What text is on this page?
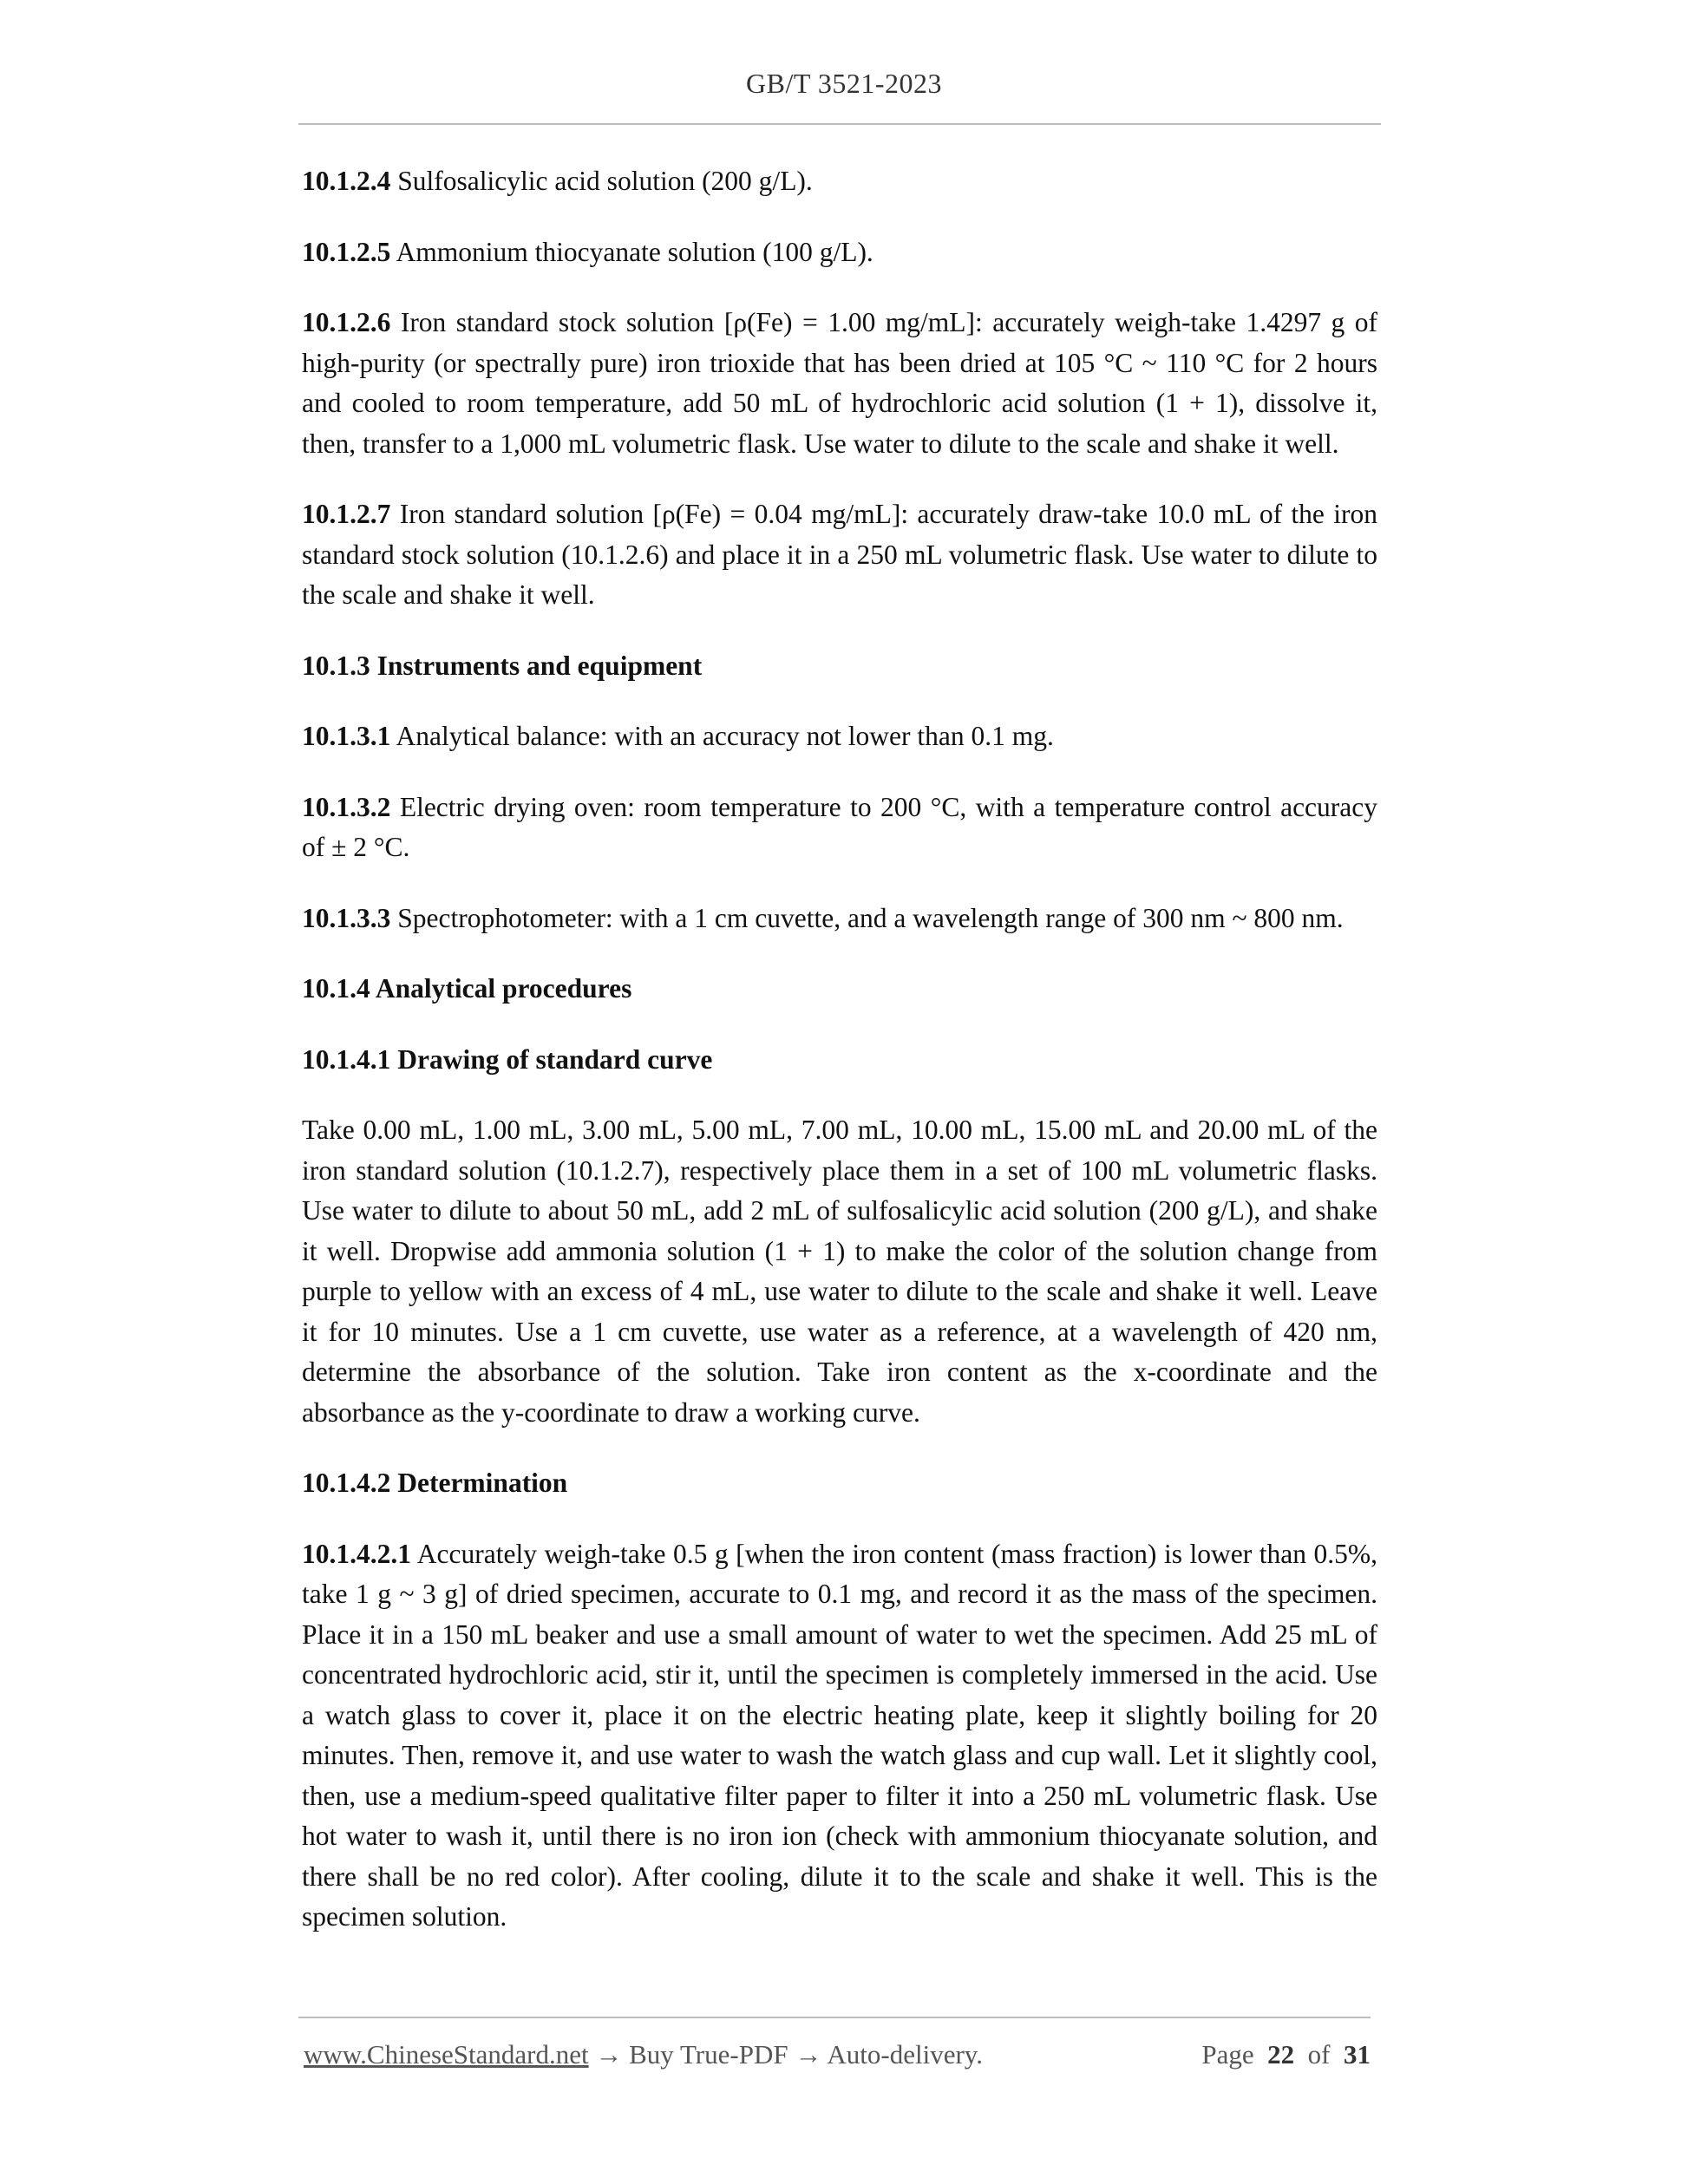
GB/T 3521-2023

10.1.2.4 Sulfosalicylic acid solution (200 g/L).

10.1.2.5 Ammonium thiocyanate solution (100 g/L).

10.1.2.6 Iron standard stock solution [ρ(Fe) = 1.00 mg/mL]: accurately weigh-take 1.4297 g of high-purity (or spectrally pure) iron trioxide that has been dried at 105 °C ~ 110 °C for 2 hours and cooled to room temperature, add 50 mL of hydrochloric acid solution (1 + 1), dissolve it, then, transfer to a 1,000 mL volumetric flask. Use water to dilute to the scale and shake it well.

10.1.2.7 Iron standard solution [ρ(Fe) = 0.04 mg/mL]: accurately draw-take 10.0 mL of the iron standard stock solution (10.1.2.6) and place it in a 250 mL volumetric flask. Use water to dilute to the scale and shake it well.

10.1.3 Instruments and equipment

10.1.3.1 Analytical balance: with an accuracy not lower than 0.1 mg.

10.1.3.2 Electric drying oven: room temperature to 200 °C, with a temperature control accuracy of ± 2 °C.

10.1.3.3 Spectrophotometer: with a 1 cm cuvette, and a wavelength range of 300 nm ~ 800 nm.

10.1.4 Analytical procedures

10.1.4.1 Drawing of standard curve

Take 0.00 mL, 1.00 mL, 3.00 mL, 5.00 mL, 7.00 mL, 10.00 mL, 15.00 mL and 20.00 mL of the iron standard solution (10.1.2.7), respectively place them in a set of 100 mL volumetric flasks. Use water to dilute to about 50 mL, add 2 mL of sulfosalicylic acid solution (200 g/L), and shake it well. Dropwise add ammonia solution (1 + 1) to make the color of the solution change from purple to yellow with an excess of 4 mL, use water to dilute to the scale and shake it well. Leave it for 10 minutes. Use a 1 cm cuvette, use water as a reference, at a wavelength of 420 nm, determine the absorbance of the solution. Take iron content as the x-coordinate and the absorbance as the y-coordinate to draw a working curve.

10.1.4.2 Determination

10.1.4.2.1 Accurately weigh-take 0.5 g [when the iron content (mass fraction) is lower than 0.5%, take 1 g ~ 3 g] of dried specimen, accurate to 0.1 mg, and record it as the mass of the specimen. Place it in a 150 mL beaker and use a small amount of water to wet the specimen. Add 25 mL of concentrated hydrochloric acid, stir it, until the specimen is completely immersed in the acid. Use a watch glass to cover it, place it on the electric heating plate, keep it slightly boiling for 20 minutes. Then, remove it, and use water to wash the watch glass and cup wall. Let it slightly cool, then, use a medium-speed qualitative filter paper to filter it into a 250 mL volumetric flask. Use hot water to wash it, until there is no iron ion (check with ammonium thiocyanate solution, and there shall be no red color). After cooling, dilute it to the scale and shake it well. This is the specimen solution.

www.ChineseStandard.net → Buy True-PDF → Auto-delivery.	Page 22 of 31
